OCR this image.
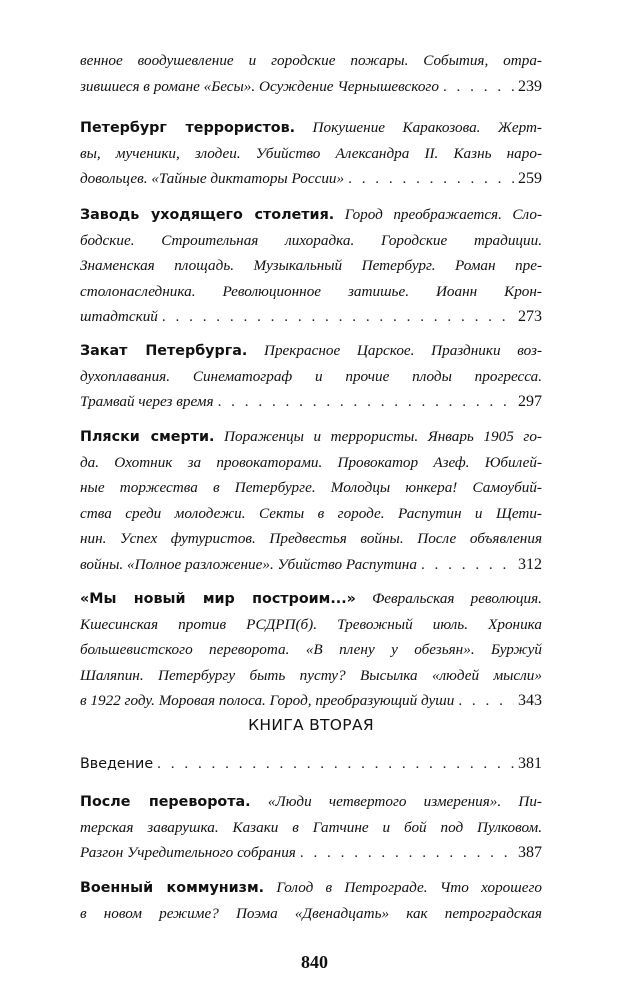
венное воодушевление и городские пожары. События, отра-
зившиеся в романе «Бесы». Осуждение Чернышевского . . .	239
Петербург террористов. Покушение Каракозова. Жерт-
вы, мученики, злодеи. Убийство Александра II. Казнь наро-
довольцев. «Тайные диктаторы России» . . .	259
Заводь уходящего столетия. Город преображается. Сло-
бодские. Строительная лихорадка. Городские традиции.
Знаменская площадь. Музыкальный Петербург. Роман пре-
столонаследника. Революционное затишье. Иоанн Крон-
штадтский . . .	273
Закат Петербурга. Прекрасное Царское. Праздники воз-
духоплавания. Синематограф и прочие плоды прогресса.
Трамвай через время . . .	297
Пляски смерти. Пораженцы и террористы. Январь 1905 го-
да. Охотник за провокаторами. Провокатор Азеф. Юбилей-
ные торжества в Петербурге. Молодцы юнкера! Самоубий-
ства среди молодежи. Секты в городе. Распутин и Щети-
нин. Успех футуристов. Предвестья войны. После объявления
войны. «Полное разложение». Убийство Распутина . . .	312
«Мы новый мир построим...» Февральская революция.
Кшесинская против РСДРП(б). Тревожный июль. Хроника
большевистского переворота. «В плену у обезьян». Буржуй
Шаляпин. Петербургу быть пусту? Высылка «людей мысли»
в 1922 году. Моровая полоса. Город, преобразующий души . . .	343
КНИГА ВТОРАЯ
Введение . . .	381
После переворота. «Люди четвертого измерения». Пи-
терская заварушка. Казаки в Гатчине и бой под Пулковом.
Разгон Учредительного собрания . . .	387
Военный коммунизм. Голод в Петрограде. Что хорошего
в новом режиме? Поэма «Двенадцать» как петроградская
840
